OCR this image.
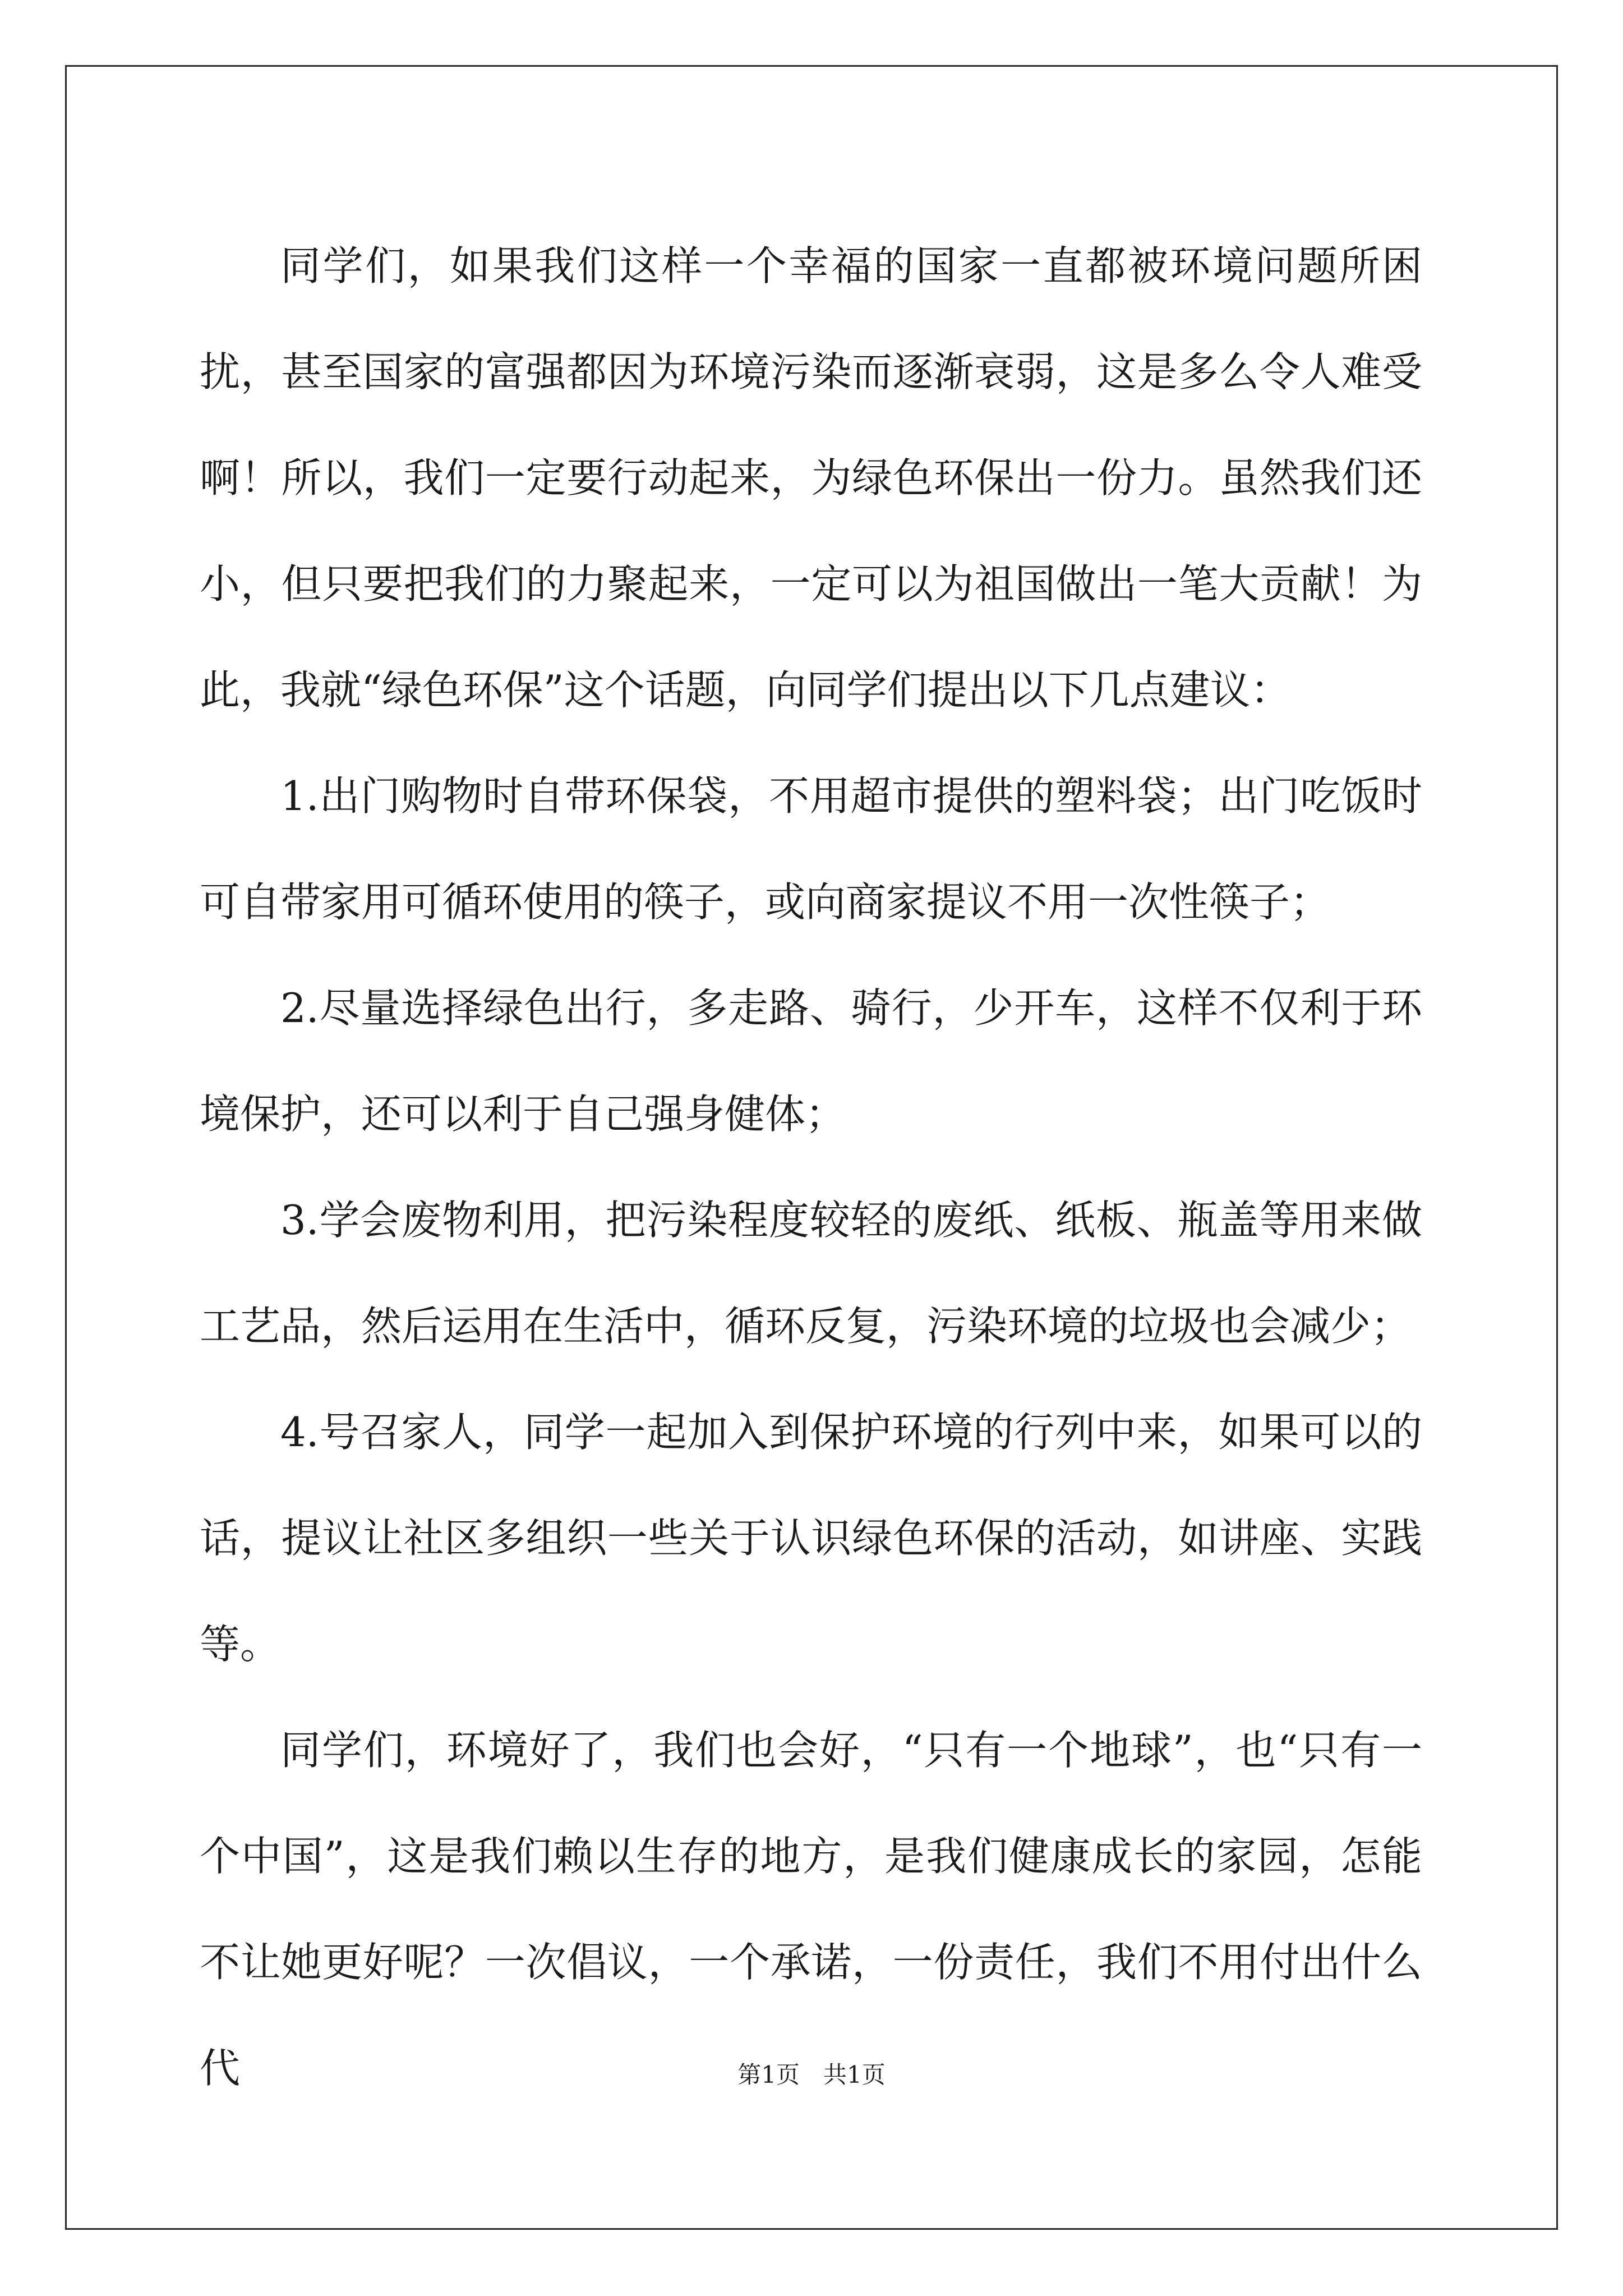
同学们，如果我们这样一个幸福的国家一直都被环境问题所困扰，甚至国家的富强都因为环境污染而逐渐衰弱，这是多么令人难受啊！所以，我们一定要行动起来，为绿色环保出一份力。虽然我们还小，但只要把我们的力聚起来，一定可以为祖国做出一笔大贡献！为此，我就“绿色环保”这个话题，向同学们提出以下几点建议：

1.出门购物时自带环保袋，不用超市提供的塑料袋；出门吃饭时可自带家用可循环使用的筷子，或向商家提议不用一次性筷子；

2.尽量选择绿色出行，多走路、骑行，少开车，这样不仅利于环境保护，还可以利于自己强身健体；

3.学会废物利用，把污染程度较轻的废纸、纸板、瓶盖等用来做工艺品，然后运用在生活中，循环反复，污染环境的垃圾也会减少；

4.号召家人，同学一起加入到保护环境的行列中来，如果可以的话，提议让社区多组织一些关于认识绿色环保的活动，如讲座、实践等。

同学们，环境好了，我们也会好，“只有一个地球”，也“只有一个中国”，这是我们赖以生存的地方，是我们健康成长的家园，怎能不让她更好呢？一次倡议，一个承诺，一份责任，我们不用付出什么代	第1页　共1页
